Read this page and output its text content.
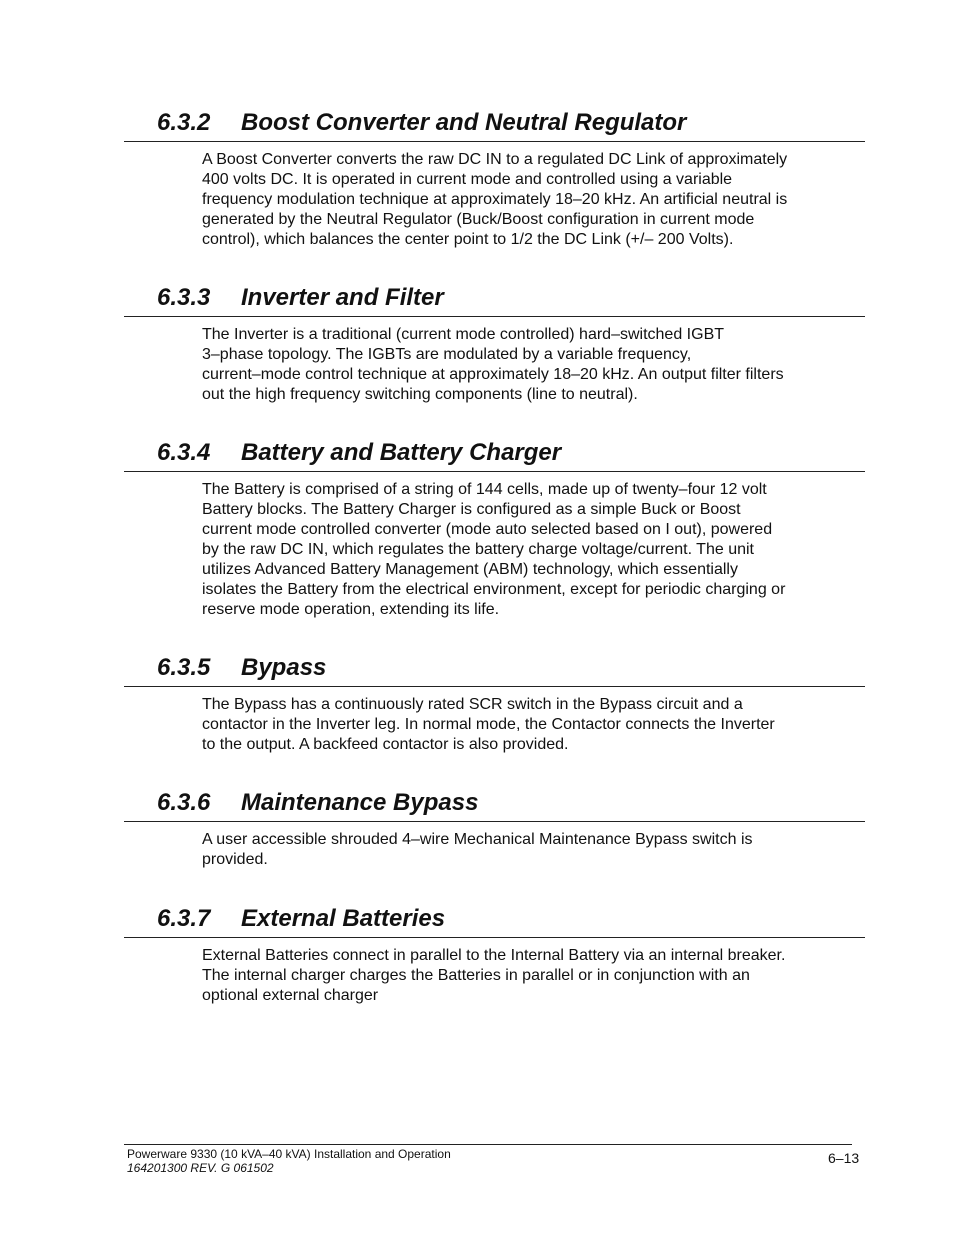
6.3.2 Boost Converter and Neutral Regulator

A Boost Converter converts the raw DC IN to a regulated DC Link of approximately
400 volts DC. It is operated in current mode and controlled using a variable
frequency modulation technique at approximately 18–20 kHz. An artificial neutral is
generated by the Neutral Regulator (Buck/Boost configuration in current mode
control), which balances the center point to 1/2 the DC Link (+/– 200 Volts).

6.3.3 Inverter and Filter

The Inverter is a traditional (current mode controlled) hard–switched IGBT
3–phase topology. The IGBTs are modulated by a variable frequency,
current–mode control technique at approximately 18–20 kHz. An output filter filters
out the high frequency switching components (line to neutral).

6.3.4 Battery and Battery Charger

The Battery is comprised of a string of 144 cells, made up of twenty–four 12 volt
Battery blocks. The Battery Charger is configured as a simple Buck or Boost
current mode controlled converter (mode auto selected based on I out), powered
by the raw DC IN, which regulates the battery charge voltage/current. The unit
utilizes Advanced Battery Management (ABM) technology, which essentially
isolates the Battery from the electrical environment, except for periodic charging or
reserve mode operation, extending its life.

6.3.5 Bypass

The Bypass has a continuously rated SCR switch in the Bypass circuit and a
contactor in the Inverter leg. In normal mode, the Contactor connects the Inverter
to the output. A backfeed contactor is also provided.

6.3.6 Maintenance Bypass

A user accessible shrouded 4–wire Mechanical Maintenance Bypass switch is
provided.

6.3.7 External Batteries

External Batteries connect in parallel to the Internal Battery via an internal breaker.
The internal charger charges the Batteries in parallel or in conjunction with an
optional external charger

Powerware 9330 (10 kVA–40 kVA) Installation and Operation
164201300 REV. G 061502
6–13
